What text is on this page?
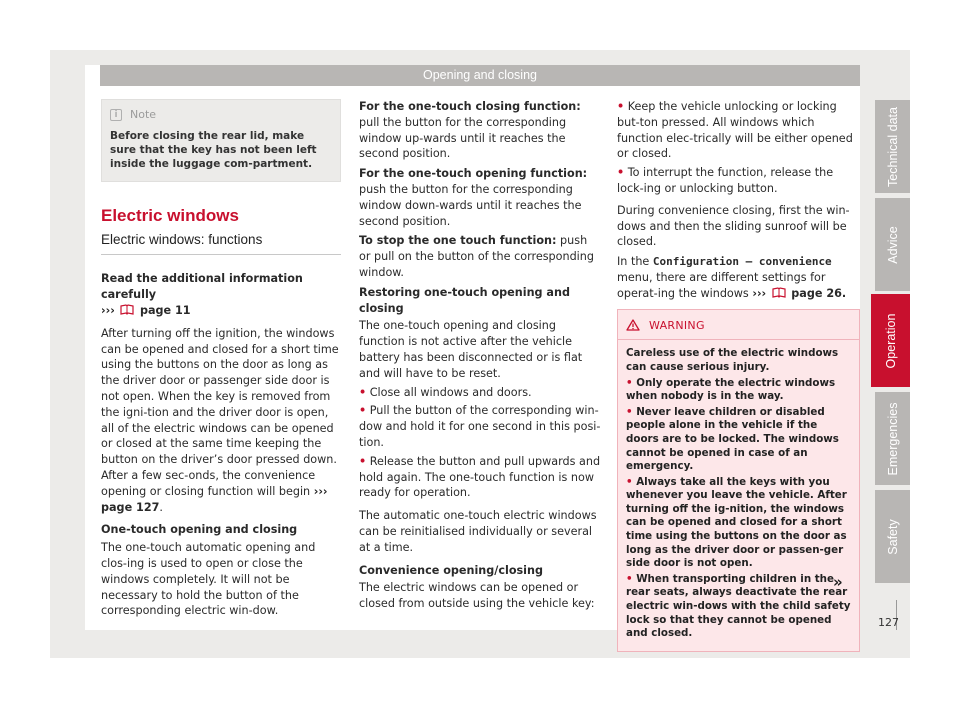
Opening and closing
i	Note
Before closing the rear lid, make sure that the key has not been left inside the luggage com-partment.
Electric windows
Electric windows: functions

Read the additional information carefully
››› page 11

After turning off the ignition, the windows can be opened and closed for a short time using the buttons on the door as long as the driver door or passenger side door is not open. When the key is removed from the igni-tion and the driver door is open, all of the electric windows can be opened or closed at the same time keeping the button on the driver’s door pressed down. After a few sec-onds, the convenience opening or closing function will begin ››› page 127.

One-touch opening and closing

The one-touch automatic opening and clos-ing is used to open or close the windows completely. It will not be necessary to hold the button of the corresponding electric win-dow.

For the one-touch closing function: pull the button for the corresponding window up-wards until it reaches the second position.

For the one-touch opening function: push the button for the corresponding window down-wards until it reaches the second position.

To stop the one touch function: push or pull on the button of the corresponding window.

Restoring one-touch opening and closing

The one-touch opening and closing function is not active after the vehicle battery has been disconnected or is flat and will have to be reset.

• Close all windows and doors.

• Pull the button of the corresponding win-dow and hold it for one second in this posi-tion.

• Release the button and pull upwards and hold again. The one-touch function is now ready for operation.

The automatic one-touch electric windows can be reinitialised individually or several at a time.

Convenience opening/closing

The electric windows can be opened or closed from outside using the vehicle key:

• Keep the vehicle unlocking or locking but-ton pressed. All windows which function elec-trically will be either opened or closed.

• To interrupt the function, release the lock-ing or unlocking button.

During convenience closing, first the win-dows and then the sliding sunroof will be closed.

In the Configuration – convenience menu, there are different settings for operat-ing the windows ››› page 26.

WARNING

Careless use of the electric windows can cause serious injury.

• Only operate the electric windows when nobody is in the way.

• Never leave children or disabled people alone in the vehicle if the doors are to be locked. The windows cannot be opened in case of an emergency.

• Always take all the keys with you whenever you leave the vehicle. After turning off the ig-nition, the windows can be opened and closed for a short time using the buttons on the door as long as the driver door or passen-ger side door is not open.

• When transporting children in the rear seats, always deactivate the rear electric win-dows with the child safety lock so that they cannot be opened and closed.

»
Technical data
Advice
Operation
Emergencies
Safety
127
